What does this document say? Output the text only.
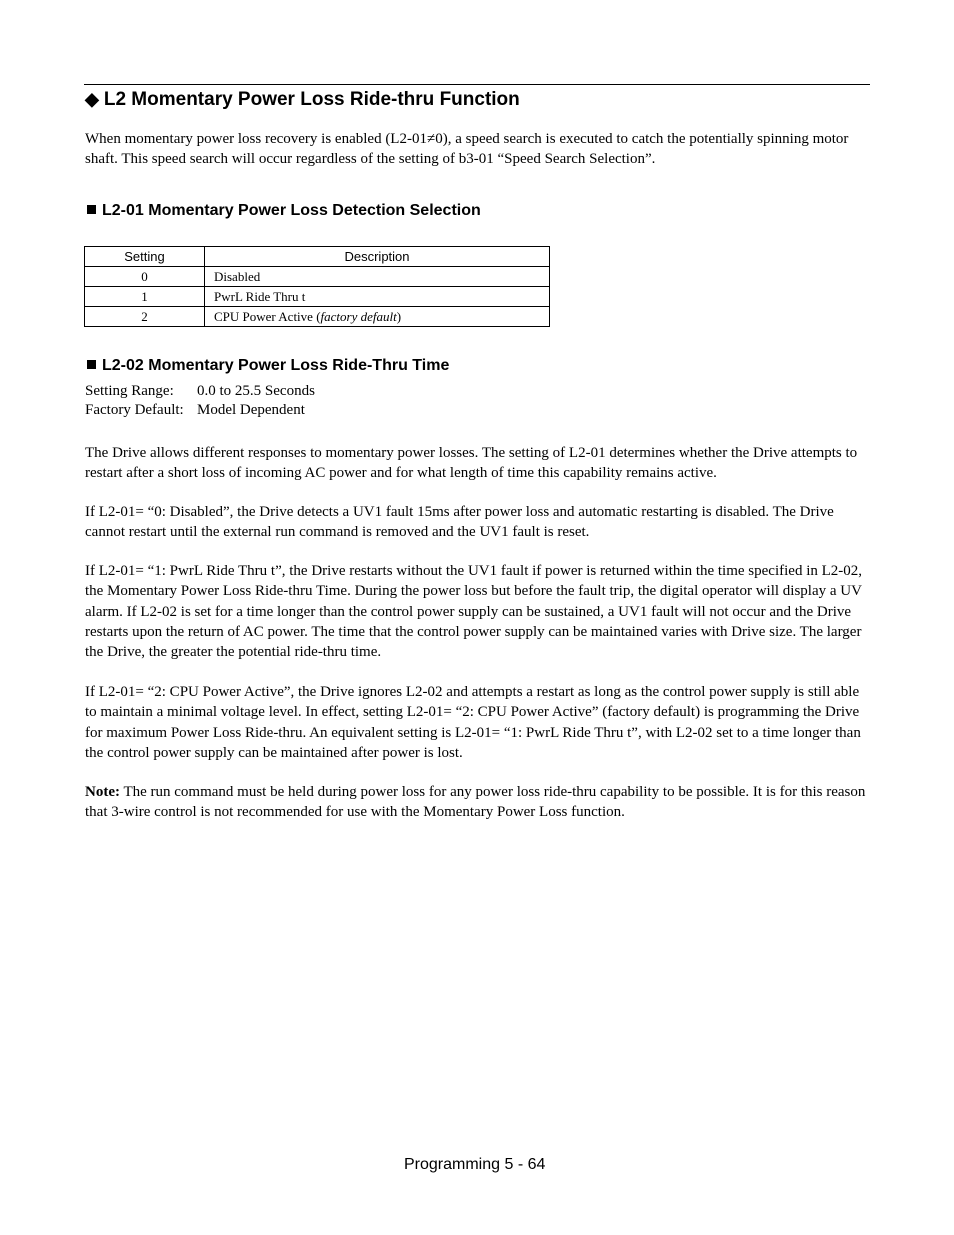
◆ L2 Momentary Power Loss Ride-thru Function

When momentary power loss recovery is enabled (L2-01≠0), a speed search is executed to catch the potentially spinning motor shaft. This speed search will occur regardless of the setting of b3-01 “Speed Search Selection”.

L2-01 Momentary Power Loss Detection Selection
Setting	Description
0	Disabled
1	PwrL Ride Thru t
2	CPU Power Active (factory default)
L2-02 Momentary Power Loss Ride-Thru Time
Setting Range: 0.0 to 25.5 Seconds
Factory Default: Model Dependent

The Drive allows different responses to momentary power losses. The setting of L2-01 determines whether the Drive attempts to restart after a short loss of incoming AC power and for what length of time this capability remains active.

If L2-01= “0: Disabled”, the Drive detects a UV1 fault 15ms after power loss and automatic restarting is disabled. The Drive cannot restart until the external run command is removed and the UV1 fault is reset.

If L2-01= “1: PwrL Ride Thru t”, the Drive restarts without the UV1 fault if power is returned within the time specified in L2-02, the Momentary Power Loss Ride-thru Time. During the power loss but before the fault trip, the digital operator will display a UV alarm. If L2-02 is set for a time longer than the control power supply can be sustained, a UV1 fault will not occur and the Drive restarts upon the return of AC power. The time that the control power supply can be maintained varies with Drive size. The larger the Drive, the greater the potential ride-thru time.

If L2-01= “2: CPU Power Active”, the Drive ignores L2-02 and attempts a restart as long as the control power supply is still able to maintain a minimal voltage level. In effect, setting L2-01= “2: CPU Power Active” (factory default) is programming the Drive for maximum Power Loss Ride-thru. An equivalent setting is L2-01= “1: PwrL Ride Thru t”, with L2-02 set to a time longer than the control power supply can be maintained after power is lost.

Note: The run command must be held during power loss for any power loss ride-thru capability to be possible. It is for this reason that 3-wire control is not recommended for use with the Momentary Power Loss function.

Programming 5 - 64
